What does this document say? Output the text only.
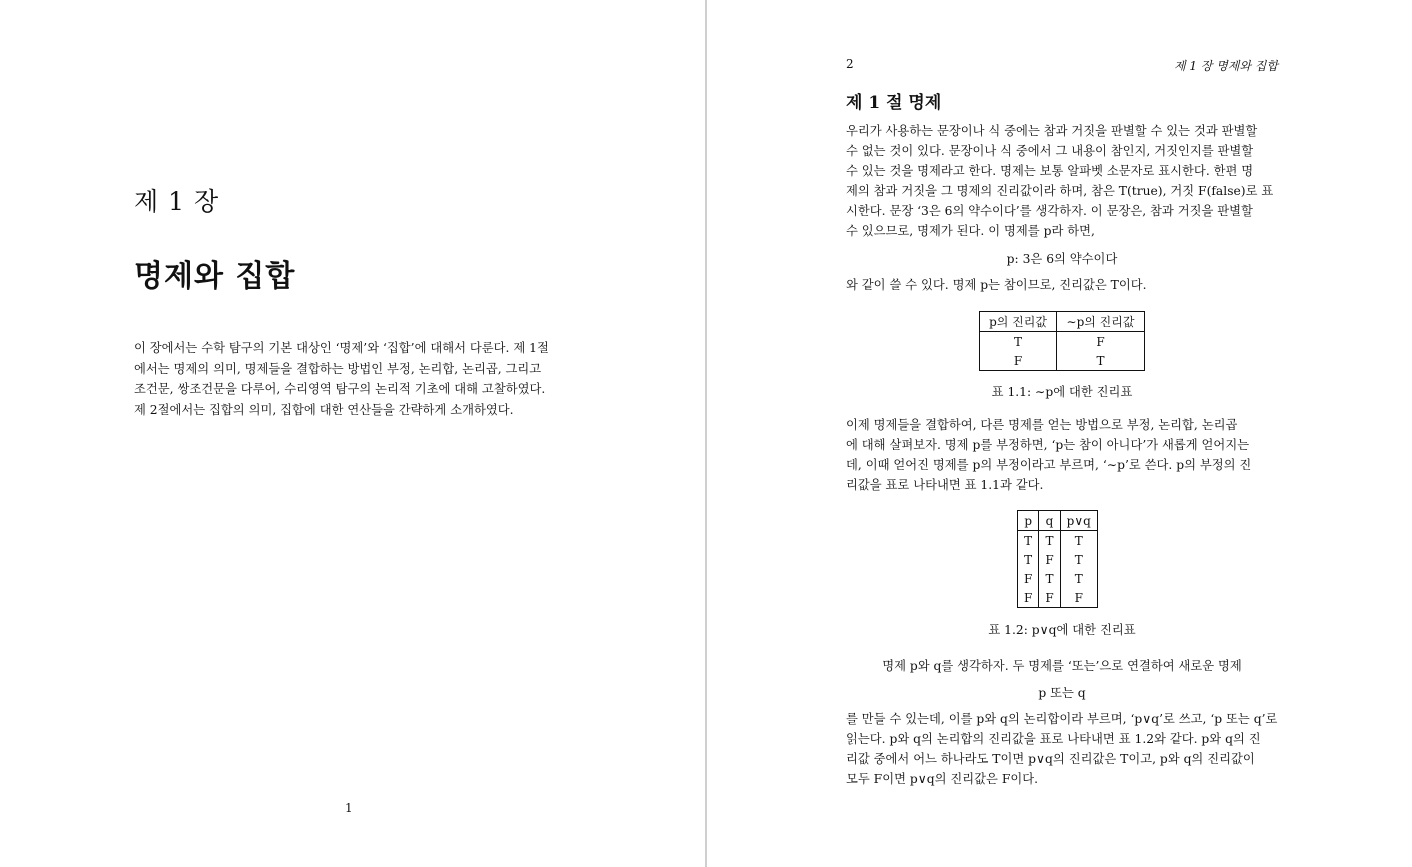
제 1 장
명제와 집합
이 장에서는 수학 탐구의 기본 대상인 ‘명제’와 ‘집합’에 대해서 다룬다. 제 1절
에서는 명제의 의미, 명제들을 결합하는 방법인 부정, 논리합, 논리곱, 그리고
조건문, 쌍조건문을 다루어, 수리영역 탐구의 논리적 기초에 대해 고찰하였다.
제 2절에서는 집합의 의미, 집합에 대한 연산들을 간략하게 소개하였다.
1
2	제 1 장 명제와 집합
제 1 절 명제
우리가 사용하는 문장이나 식 중에는 참과 거짓을 판별할 수 있는 것과 판별할
수 없는 것이 있다. 문장이나 식 중에서 그 내용이 참인지, 거짓인지를 판별할
수 있는 것을 명제라고 한다. 명제는 보통 알파벳 소문자로 표시한다. 한편 명
제의 참과 거짓을 그 명제의 진리값이라 하며, 참은 T(true), 거짓 F(false)로 표
시한다. 문장 ‘3은 6의 약수이다’를 생각하자. 이 문장은, 참과 거짓을 판별할
수 있으므로, 명제가 된다. 이 명제를 p라 하면,
p: 3은 6의 약수이다
와 같이 쓸 수 있다. 명제 p는 참이므로, 진리값은 T이다.
p의 진리값	∼p의 진리값
T	F
F	T
표 1.1: ∼p에 대한 진리표
이제 명제들을 결합하여, 다른 명제를 얻는 방법으로 부정, 논리합, 논리곱
에 대해 살펴보자. 명제 p를 부정하면, ‘p는 참이 아니다’가 새롭게 얻어지는
데, 이때 얻어진 명제를 p의 부정이라고 부르며, ‘∼p’로 쓴다. p의 부정의 진
리값을 표로 나타내면 표 1.1과 같다.
p	q	p∨q
T	T	T
T	F	T
F	T	T
F	F	F
표 1.2: p∨q에 대한 진리표
명제 p와 q를 생각하자. 두 명제를 ‘또는’으로 연결하여 새로운 명제
p 또는 q
를 만들 수 있는데, 이를 p와 q의 논리합이라 부르며, ‘p∨q’로 쓰고, ‘p 또는 q’로
읽는다. p와 q의 논리합의 진리값을 표로 나타내면 표 1.2와 같다. p와 q의 진
리값 중에서 어느 하나라도 T이면 p∨q의 진리값은 T이고, p와 q의 진리값이
모두 F이면 p∨q의 진리값은 F이다.
